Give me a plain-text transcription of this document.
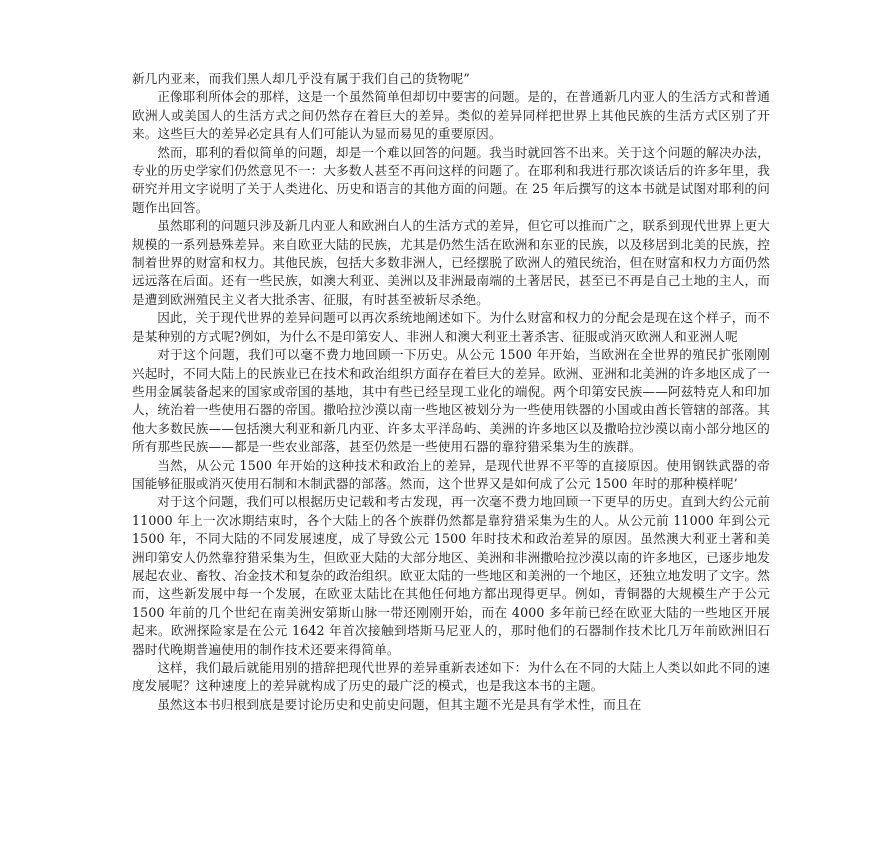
新几内亚来，而我们黑人却几乎没有属于我们自己的货物呢”

正像耶利所体会的那样，这是一个虽然简单但却切中要害的问题。是的，在普通新几内亚人的生活方式和普通欧洲人或美国人的生活方式之间仍然存在着巨大的差异。类似的差异同样把世界上其他民族的生活方式区别了开来。这些巨大的差异必定具有人们可能认为显而易见的重要原因。

然而，耶利的看似简单的问题，却是一个难以回答的问题。我当时就回答不出来。关于这个问题的解决办法，专业的历史学家们仍然意见不一：大多数人甚至不再问这样的问题了。在耶利和我进行那次谈话后的许多年里，我研究并用文字说明了关于人类进化、历史和语言的其他方面的问题。在 25 年后撰写的这本书就是试图对耶利的问题作出回答。

虽然耶利的问题只涉及新几内亚人和欧洲白人的生活方式的差异，但它可以推而广之，联系到现代世界上更大规模的一系列悬殊差异。来自欧亚大陆的民族，尤其是仍然生活在欧洲和东亚的民族，以及移居到北美的民族，控制着世界的财富和权力。其他民族，包括大多数非洲人，已经摆脱了欧洲人的殖民统治，但在财富和权力方面仍然远远落在后面。还有一些民族，如澳大利亚、美洲以及非洲最南端的土著居民，甚至已不再是自己土地的主人，而是遭到欧洲殖民主义者大批杀害、征服，有时甚至被斩尽杀绝。

因此，关于现代世界的差异问题可以再次系统地阐述如下。为什么财富和权力的分配会是现在这个样子，而不是某种别的方式呢?例如，为什么不是印第安人、非洲人和澳大利亚土著杀害、征服或消灭欧洲人和亚洲人呢

对于这个问题，我们可以毫不费力地回顾一下历史。从公元 1500 年开始，当欧洲在全世界的殖民扩张刚刚兴起时，不同大陆上的民族业已在技术和政治组织方面存在着巨大的差异。欧洲、亚洲和北美洲的许多地区成了一些用金属装备起来的国家或帝国的基地，其中有些已经呈现工业化的端倪。两个印第安民族——阿兹特克人和印加人，统治着一些使用石器的帝国。撒哈拉沙漠以南一些地区被划分为一些使用铁器的小国或由酋长管辖的部落。其他大多数民族——包括澳大利亚和新几内亚、许多太平洋岛屿、美洲的许多地区以及撒哈拉沙漠以南小部分地区的所有那些民族——都是一些农业部落，甚至仍然是一些使用石器的靠狩猎采集为生的族群。

当然，从公元 1500 年开始的这种技术和政治上的差异，是现代世界不平等的直接原因。使用钢铁武器的帝国能够征服或消灭使用石制和木制武器的部落。然而，这个世界又是如何成了公元 1500 年时的那种模样呢’

对于这个问题，我们可以根据历史记载和考古发现，再一次毫不费力地回顾一下更早的历史。直到大约公元前 11000 年上一次冰期结束时，各个大陆上的各个族群仍然都是靠狩猎采集为生的人。从公元前 11000 年到公元 1500 年，不同大陆的不同发展速度，成了导致公元 1500 年时技术和政治差异的原因。虽然澳大利亚土著和美洲印第安人仍然靠狩猎采集为生，但欧亚大陆的大部分地区、美洲和非洲撒哈拉沙漠以南的许多地区，已逐步地发展起农业、畜牧、冶金技术和复杂的政治组织。欧亚太陆的一些地区和美洲的一个地区，还独立地发明了文字。然而，这些新发展中每一个发展，在欧亚太陆比在其他任何地方都出现得更早。例如，青铜器的大规模生产于公元 1500 年前的几个世纪在南美洲安第斯山脉一带还刚刚开始，而在 4000 多年前已经在欧亚大陆的一些地区开展起来。欧洲探险家是在公元 1642 年首次接触到塔斯马尼亚人的，那时他们的石器制作技术比几万年前欧洲旧石器时代晚期普遍使用的制作技术还要来得简单。

这样，我们最后就能用别的措辞把现代世界的差异重新表述如下：为什么在不同的大陆上人类以如此不同的速度发展呢？这种速度上的差异就构成了历史的最广泛的模式，也是我这本书的主题。

虽然这本书归根到底是要讨论历史和史前史问题，但其主题不光是具有学术性，而且在
